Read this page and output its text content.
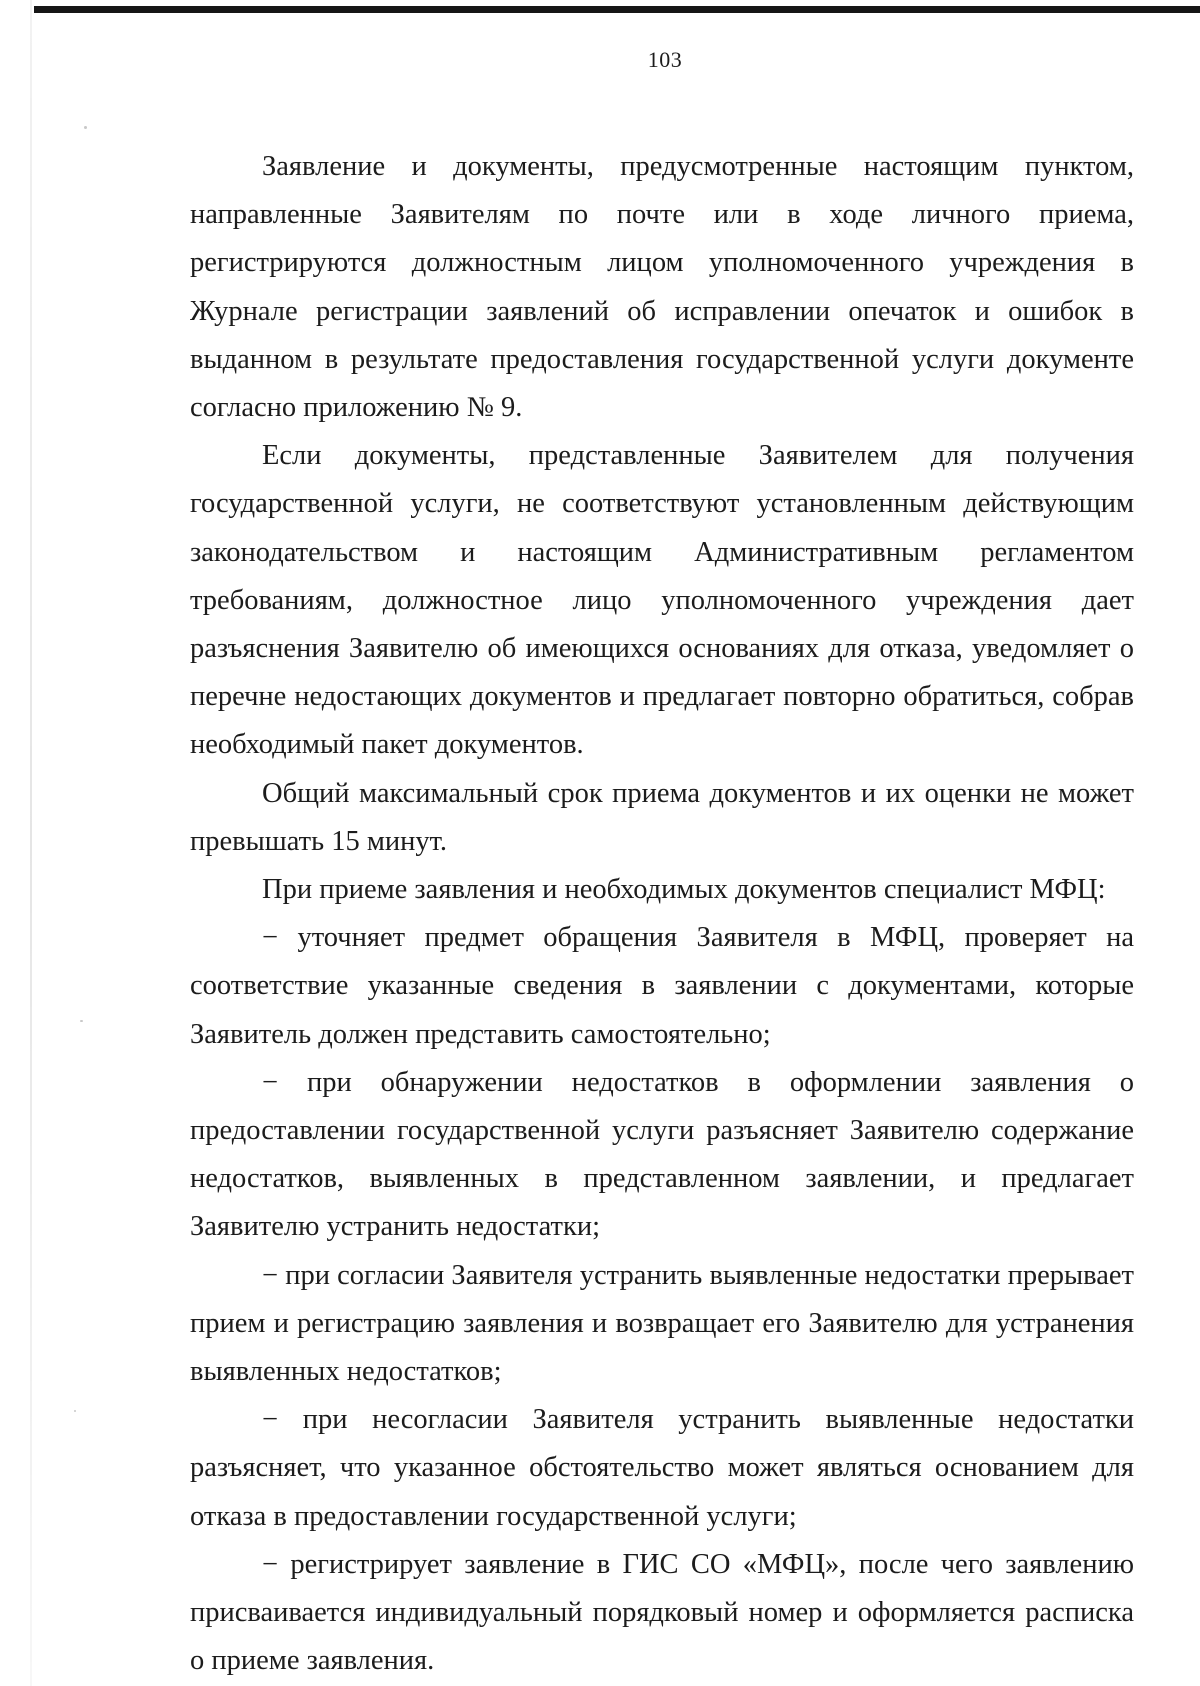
103

Заявление и документы, предусмотренные настоящим пунктом, направленные Заявителям по почте или в ходе личного приема, регистрируются должностным лицом уполномоченного учреждения в Журнале регистрации заявлений об исправлении опечаток и ошибок в выданном в результате предоставления государственной услуги документе согласно приложению № 9.

Если документы, представленные Заявителем для получения государственной услуги, не соответствуют установленным действующим законодательством и настоящим Административным регламентом требованиям, должностное лицо уполномоченного учреждения дает разъяснения Заявителю об имеющихся основаниях для отказа, уведомляет о перечне недостающих документов и предлагает повторно обратиться, собрав необходимый пакет документов.

Общий максимальный срок приема документов и их оценки не может превышать 15 минут.

При приеме заявления и необходимых документов специалист МФЦ:

− уточняет предмет обращения Заявителя в МФЦ, проверяет на соответствие указанные сведения в заявлении с документами, которые Заявитель должен представить самостоятельно;

− при обнаружении недостатков в оформлении заявления о предоставлении государственной услуги разъясняет Заявителю содержание недостатков, выявленных в представленном заявлении, и предлагает Заявителю устранить недостатки;

− при согласии Заявителя устранить выявленные недостатки прерывает прием и регистрацию заявления и возвращает его Заявителю для устранения выявленных недостатков;

− при несогласии Заявителя устранить выявленные недостатки разъясняет, что указанное обстоятельство может являться основанием для отказа в предоставлении государственной услуги;

− регистрирует заявление в ГИС СО «МФЦ», после чего заявлению присваивается индивидуальный порядковый номер и оформляется расписка о приеме заявления.
